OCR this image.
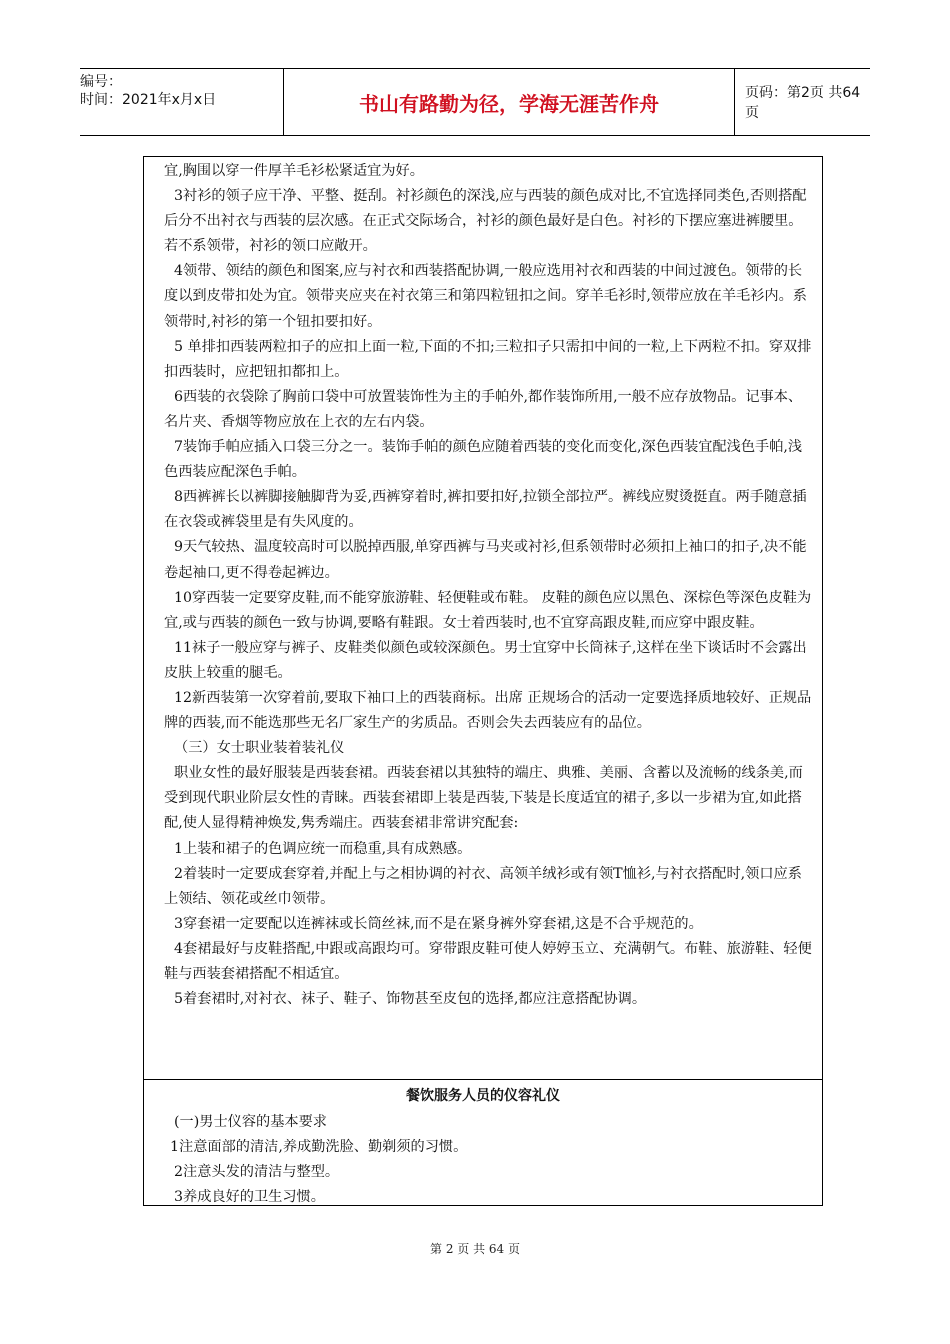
编号：
时间：2021年x月x日	书山有路勤为径，学海无涯苦作舟	页码：第2页 共64页

宜,胸围以穿一件厚羊毛衫松紧适宜为好。

3衬衫的领子应干净、平整、挺刮。衬衫颜色的深浅,应与西装的颜色成对比,不宜选择同类色,否则搭配后分不出衬衣与西装的层次感。在正式交际场合，衬衫的颜色最好是白色。衬衫的下摆应塞进裤腰里。若不系领带，衬衫的领口应敞开。

4领带、领结的颜色和图案,应与衬衣和西装搭配协调,一般应选用衬衣和西装的中间过渡色。领带的长度以到皮带扣处为宜。领带夹应夹在衬衣第三和第四粒钮扣之间。穿羊毛衫时,领带应放在羊毛衫内。系领带时,衬衫的第一个钮扣要扣好。

5 单排扣西装两粒扣子的应扣上面一粒,下面的不扣;三粒扣子只需扣中间的一粒,上下两粒不扣。穿双排扣西装时，应把钮扣都扣上。

6西装的衣袋除了胸前口袋中可放置装饰性为主的手帕外,都作装饰所用,一般不应存放物品。记事本、名片夹、香烟等物应放在上衣的左右内袋。

7装饰手帕应插入口袋三分之一。装饰手帕的颜色应随着西装的变化而变化,深色西装宜配浅色手帕,浅色西装应配深色手帕。

8西裤裤长以裤脚接触脚背为妥,西裤穿着时,裤扣要扣好,拉锁全部拉严。裤线应熨烫挺直。两手随意插在衣袋或裤袋里是有失风度的。

9天气较热、温度较高时可以脱掉西服,单穿西裤与马夹或衬衫,但系领带时必须扣上袖口的扣子,决不能卷起袖口,更不得卷起裤边。

10穿西装一定要穿皮鞋,而不能穿旅游鞋、轻便鞋或布鞋。 皮鞋的颜色应以黑色、深棕色等深色皮鞋为宜,或与西装的颜色一致与协调,要略有鞋跟。女士着西装时,也不宜穿高跟皮鞋,而应穿中跟皮鞋。

11袜子一般应穿与裤子、皮鞋类似颜色或较深颜色。男士宜穿中长筒袜子,这样在坐下谈话时不会露出皮肤上较重的腿毛。

12新西装第一次穿着前,要取下袖口上的西装商标。出席 正规场合的活动一定要选择质地较好、正规品牌的西装,而不能选那些无名厂家生产的劣质品。否则会失去西装应有的品位。

（三）女士职业装着装礼仪

职业女性的最好服装是西装套裙。西装套裙以其独特的端庄、典雅、美丽、含蓄以及流畅的线条美,而受到现代职业阶层女性的青睐。西装套裙即上装是西装,下装是长度适宜的裙子,多以一步裙为宜,如此搭配,使人显得精神焕发,隽秀端庄。西装套裙非常讲究配套:

1上装和裙子的色调应统一而稳重,具有成熟感。

2着装时一定要成套穿着,并配上与之相协调的衬衣、高领羊绒衫或有领T恤衫,与衬衣搭配时,领口应系上领结、领花或丝巾领带。

3穿套裙一定要配以连裤袜或长筒丝袜,而不是在紧身裤外穿套裙,这是不合乎规范的。

4套裙最好与皮鞋搭配,中跟或高跟均可。穿带跟皮鞋可使人婷婷玉立、充满朝气。布鞋、旅游鞋、轻便鞋与西装套裙搭配不相适宜。

5着套裙时,对衬衣、袜子、鞋子、饰物甚至皮包的选择,都应注意搭配协调。

餐饮服务人员的仪容礼仪

(一)男士仪容的基本要求

1注意面部的清洁,养成勤洗脸、勤剃须的习惯。

2注意头发的清洁与整型。

3养成良好的卫生习惯。

第 2 页 共 64 页
